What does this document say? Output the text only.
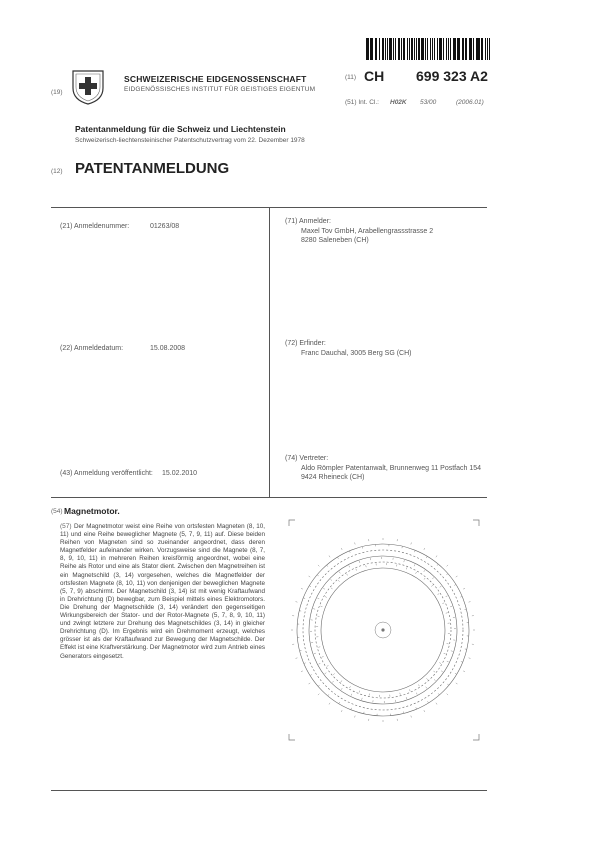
(19)
SCHWEIZERISCHE EIDGENOSSENSCHAFT
EIDGENÖSSISCHES INSTITUT FÜR GEISTIGES EIGENTUM
(11) CH 699 323 A2
(51) Int. Cl.: H02K 53/00	(2006.01)
Patentanmeldung für die Schweiz und Liechtenstein
Schweizerisch-liechtensteinischer Patentschutzvertrag vom 22. Dezember 1978
(12) PATENTANMELDUNG
(21) Anmeldenummer:	01263/08
(22) Anmeldedatum:	15.08.2008
(43) Anmeldung veröffentlicht: 15.02.2010
(71) Anmelder:
Maxel Tov GmbH, Arabellengrassstrasse 2
8280 Saleneben (CH)
(72) Erfinder:
Franc Dauchal, 3005 Berg SG (CH)
(74) Vertreter:
Aldo Römpler Patentanwalt, Brunnenweg 11 Postfach 154
9424 Rheineck (CH)
(54) Magnetmotor.
(57) Der Magnetmotor weist eine Reihe von ortsfesten Magneten (8, 10, 11) und eine Reihe beweglicher Magnete (5, 7, 9, 11) auf. Diese beiden Reihen von Magneten sind so zueinander angeordnet, dass deren Magnetfelder aufeinander wirken. Vorzugsweise sind die Magnete (8, 7, 8, 9, 10, 11) in mehreren Reihen kreisförmig angeordnet, wobei eine Reihe als Rotor und eine als Stator dient. Zwischen den Magnetreihen ist ein Magnetschild (3, 14) vorgesehen, welches die Magnetfelder der ortsfesten Magnete (8, 10, 11) von denjenigen der beweglichen Magnete (5, 7, 9) abschirmt. Der Magnetschild (3, 14) ist mit wenig Kraftaufwand in Drehrichtung (D) bewegbar, zum Beispiel mittels eines Elektromotors. Die Drehung der Magnetschilde (3, 14) verändert den gegenseitigen Wirkungsbereich der Stator- und der Rotor-Magnete (5, 7, 8, 9, 10, 11) und zwingt letztere zur Drehung des Magnetschildes (3, 14) in gleicher Drehrichtung (D). Im Ergebnis wird ein Drehmoment erzeugt, welches grösser ist als der Kraftaufwand zur Bewegung der Magnetschilde. Der Effekt ist eine Kraftverstärkung. Der Magnetmotor wird zum Antrieb eines Generators eingesetzt.
